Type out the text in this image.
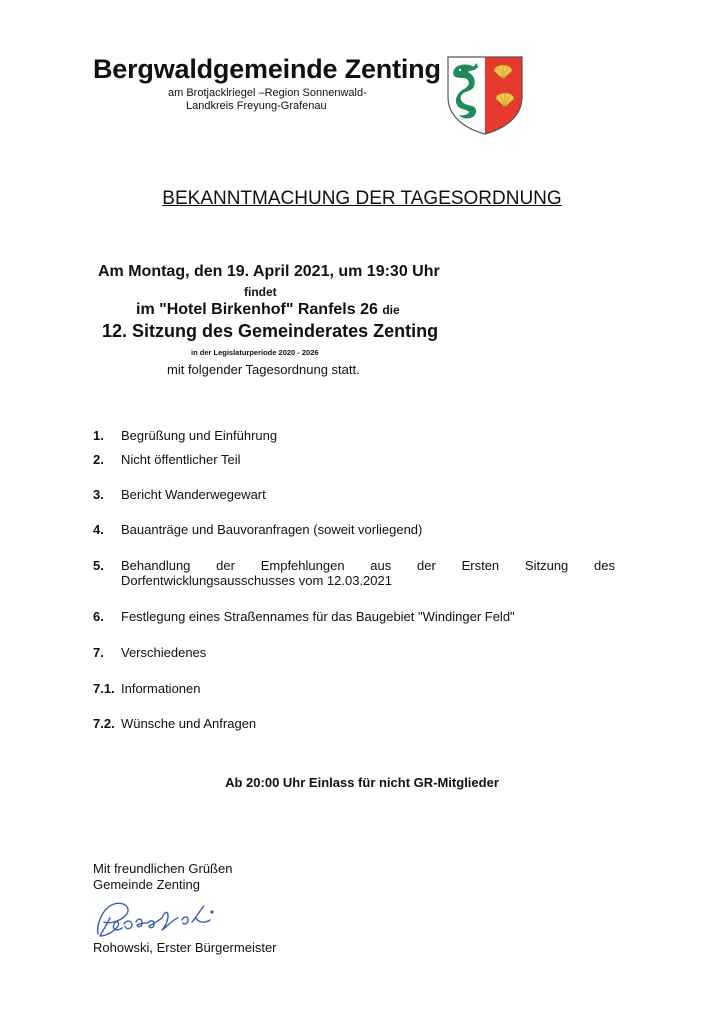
Bergwaldgemeinde Zenting
am Brotjacklriegel –Region Sonnenwald-
Landkreis Freyung-Grafenau
BEKANNTMACHUNG DER TAGESORDNUNG
Am Montag, den 19. April 2021, um 19:30 Uhr
findet
im "Hotel Birkenhof" Ranfels 26 die
12. Sitzung des Gemeinderates Zenting
in der Legislaturperiode 2020 - 2026
mit folgender Tagesordnung statt.
1.	Begrüßung und Einführung
2.	Nicht öffentlicher Teil
3.	Bericht Wanderwegewart
4.	Bauanträge und Bauvoranfragen (soweit vorliegend)
5.	Behandlung der Empfehlungen aus der Ersten Sitzung des
Dorfentwicklungsausschusses vom 12.03.2021
6.	Festlegung eines Straßennames für das Baugebiet "Windinger Feld"
7.	Verschiedenes
7.1. Informationen
7.2. Wünsche und Anfragen
Ab 20:00 Uhr Einlass für nicht GR-Mitglieder
Mit freundlichen Grüßen
Gemeinde Zenting
Rohowski, Erster Bürgermeister
